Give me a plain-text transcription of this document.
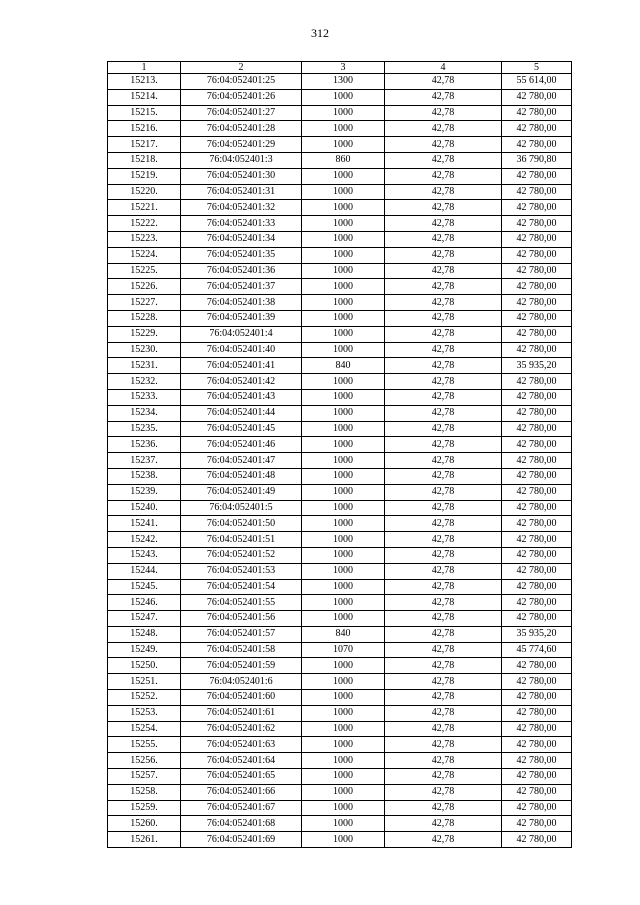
312
1	2	3	4	5
15213.	76:04:052401:25	1300	42,78	55 614,00
15214.	76:04:052401:26	1000	42,78	42 780,00
15215.	76:04:052401:27	1000	42,78	42 780,00
15216.	76:04:052401:28	1000	42,78	42 780,00
15217.	76:04:052401:29	1000	42,78	42 780,00
15218.	76:04:052401:3	860	42,78	36 790,80
15219.	76:04:052401:30	1000	42,78	42 780,00
15220.	76:04:052401:31	1000	42,78	42 780,00
15221.	76:04:052401:32	1000	42,78	42 780,00
15222.	76:04:052401:33	1000	42,78	42 780,00
15223.	76:04:052401:34	1000	42,78	42 780,00
15224.	76:04:052401:35	1000	42,78	42 780,00
15225.	76:04:052401:36	1000	42,78	42 780,00
15226.	76:04:052401:37	1000	42,78	42 780,00
15227.	76:04:052401:38	1000	42,78	42 780,00
15228.	76:04:052401:39	1000	42,78	42 780,00
15229.	76:04:052401:4	1000	42,78	42 780,00
15230.	76:04:052401:40	1000	42,78	42 780,00
15231.	76:04:052401:41	840	42,78	35 935,20
15232.	76:04:052401:42	1000	42,78	42 780,00
15233.	76:04:052401:43	1000	42,78	42 780,00
15234.	76:04:052401:44	1000	42,78	42 780,00
15235.	76:04:052401:45	1000	42,78	42 780,00
15236.	76:04:052401:46	1000	42,78	42 780,00
15237.	76:04:052401:47	1000	42,78	42 780,00
15238.	76:04:052401:48	1000	42,78	42 780,00
15239.	76:04:052401:49	1000	42,78	42 780,00
15240.	76:04:052401:5	1000	42,78	42 780,00
15241.	76:04:052401:50	1000	42,78	42 780,00
15242.	76:04:052401:51	1000	42,78	42 780,00
15243.	76:04:052401:52	1000	42,78	42 780,00
15244.	76:04:052401:53	1000	42,78	42 780,00
15245.	76:04:052401:54	1000	42,78	42 780,00
15246.	76:04:052401:55	1000	42,78	42 780,00
15247.	76:04:052401:56	1000	42,78	42 780,00
15248.	76:04:052401:57	840	42,78	35 935,20
15249.	76:04:052401:58	1070	42,78	45 774,60
15250.	76:04:052401:59	1000	42,78	42 780,00
15251.	76:04:052401:6	1000	42,78	42 780,00
15252.	76:04:052401:60	1000	42,78	42 780,00
15253.	76:04:052401:61	1000	42,78	42 780,00
15254.	76:04:052401:62	1000	42,78	42 780,00
15255.	76:04:052401:63	1000	42,78	42 780,00
15256.	76:04:052401:64	1000	42,78	42 780,00
15257.	76:04:052401:65	1000	42,78	42 780,00
15258.	76:04:052401:66	1000	42,78	42 780,00
15259.	76:04:052401:67	1000	42,78	42 780,00
15260.	76:04:052401:68	1000	42,78	42 780,00
15261.	76:04:052401:69	1000	42,78	42 780,00
